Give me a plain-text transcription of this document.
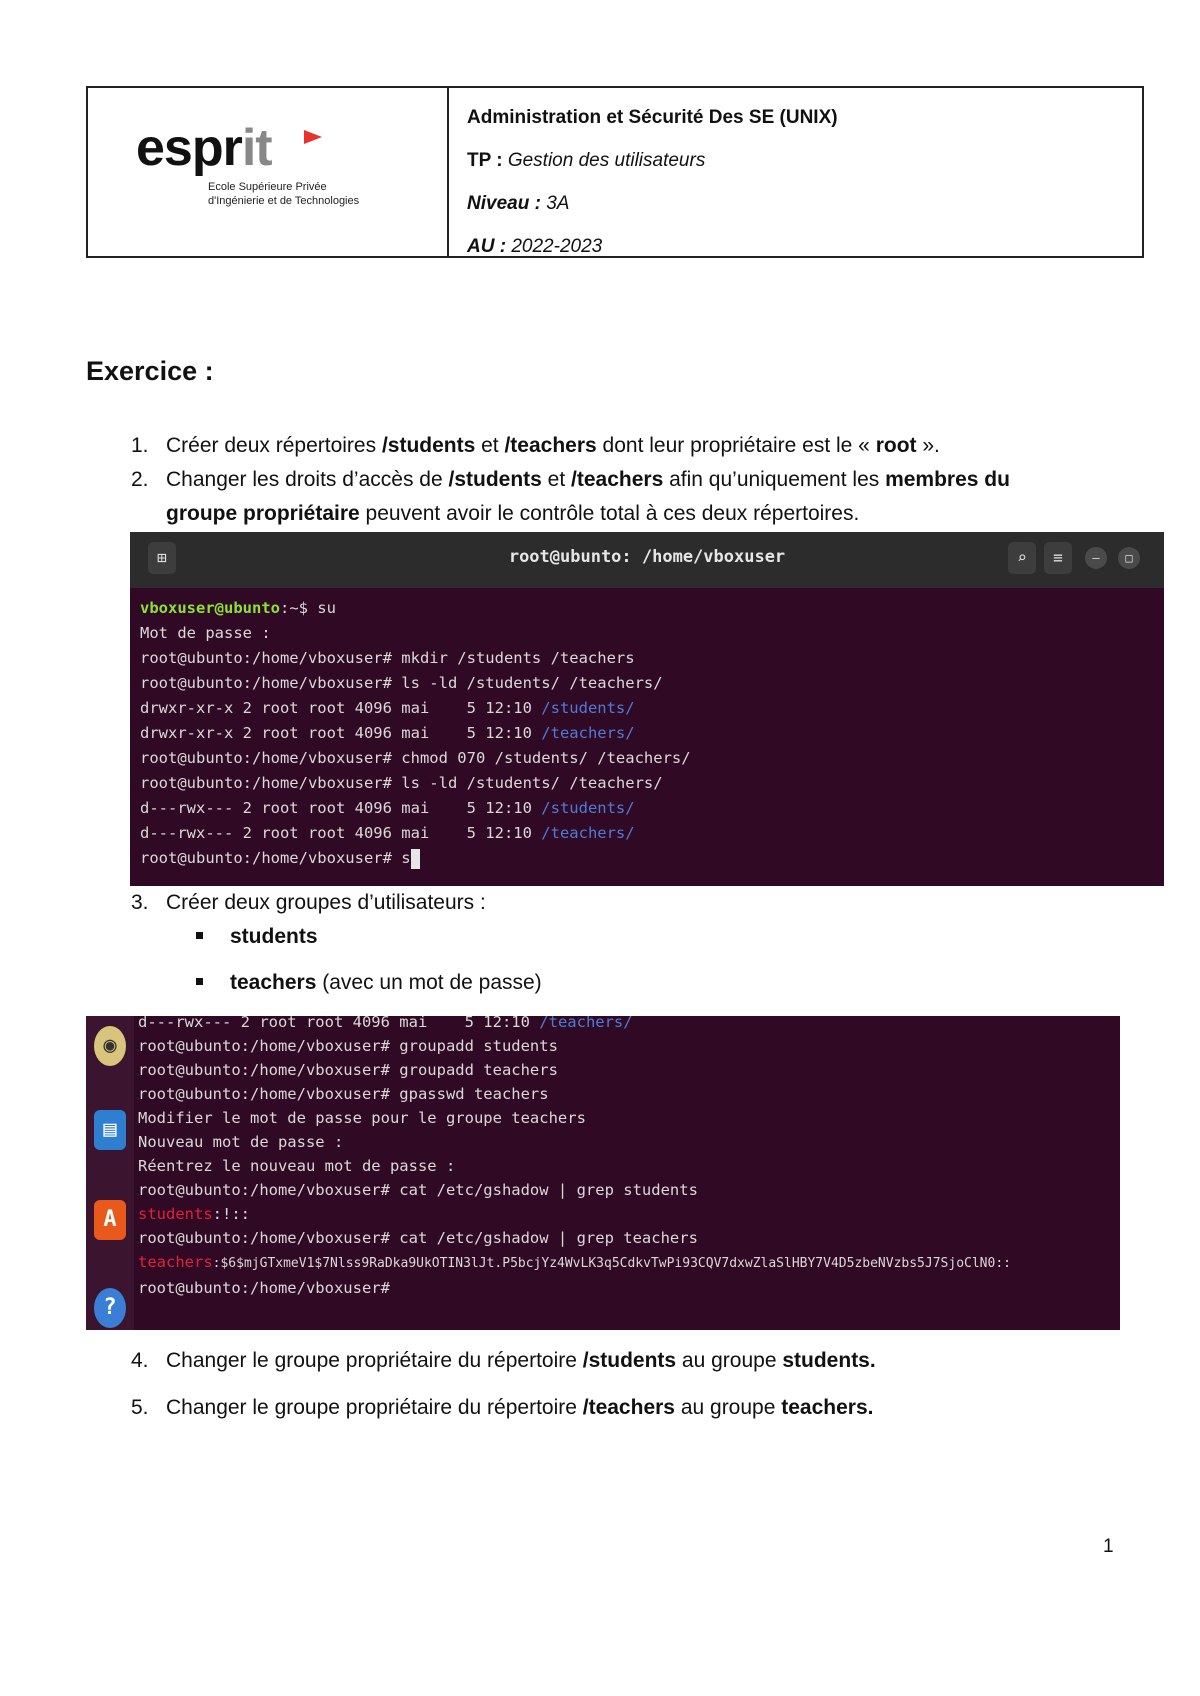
esprit
Ecole Supérieure Privée
d'Ingénierie et de Technologies
Administration et Sécurité Des SE (UNIX)
TP : Gestion des utilisateurs
Niveau : 3A
AU : 2022-2023
Exercice :
1. Créer deux répertoires /students et /teachers dont leur propriétaire est le « root ».
2. Changer les droits d’accès de /students et /teachers afin qu’uniquement les membres du
groupe propriétaire peuvent avoir le contrôle total à ces deux répertoires.
⊞	root@ubunto: /home/vboxuser	⌕	≡	–	□
vboxuser@ubunto:~$ su
Mot de passe :
root@ubunto:/home/vboxuser# mkdir /students /teachers
root@ubunto:/home/vboxuser# ls -ld /students/ /teachers/
drwxr-xr-x 2 root root 4096 mai    5 12:10 /students/
drwxr-xr-x 2 root root 4096 mai    5 12:10 /teachers/
root@ubunto:/home/vboxuser# chmod 070 /students/ /teachers/
root@ubunto:/home/vboxuser# ls -ld /students/ /teachers/
d---rwx--- 2 root root 4096 mai    5 12:10 /students/
d---rwx--- 2 root root 4096 mai    5 12:10 /teachers/
root@ubunto:/home/vboxuser# s
3. Créer deux groupes d’utilisateurs :
students
teachers (avec un mot de passe)
◉
▤
A
?
d---rwx--- 2 root root 4096 mai    5 12:10 /teachers/
root@ubunto:/home/vboxuser# groupadd students
root@ubunto:/home/vboxuser# groupadd teachers
root@ubunto:/home/vboxuser# gpasswd teachers
Modifier le mot de passe pour le groupe teachers
Nouveau mot de passe :
Réentrez le nouveau mot de passe :
root@ubunto:/home/vboxuser# cat /etc/gshadow | grep students
students:!::
root@ubunto:/home/vboxuser# cat /etc/gshadow | grep teachers
teachers:$6$mjGTxmeV1$7Nlss9RaDka9UkOTIN3lJt.P5bcjYz4WvLK3q5CdkvTwPi93CQV7dxwZlaSlHBY7V4D5zbeNVzbs5J7SjoClN0::
root@ubunto:/home/vboxuser#
4. Changer le groupe propriétaire du répertoire /students au groupe students.
5. Changer le groupe propriétaire du répertoire /teachers au groupe teachers.
1
